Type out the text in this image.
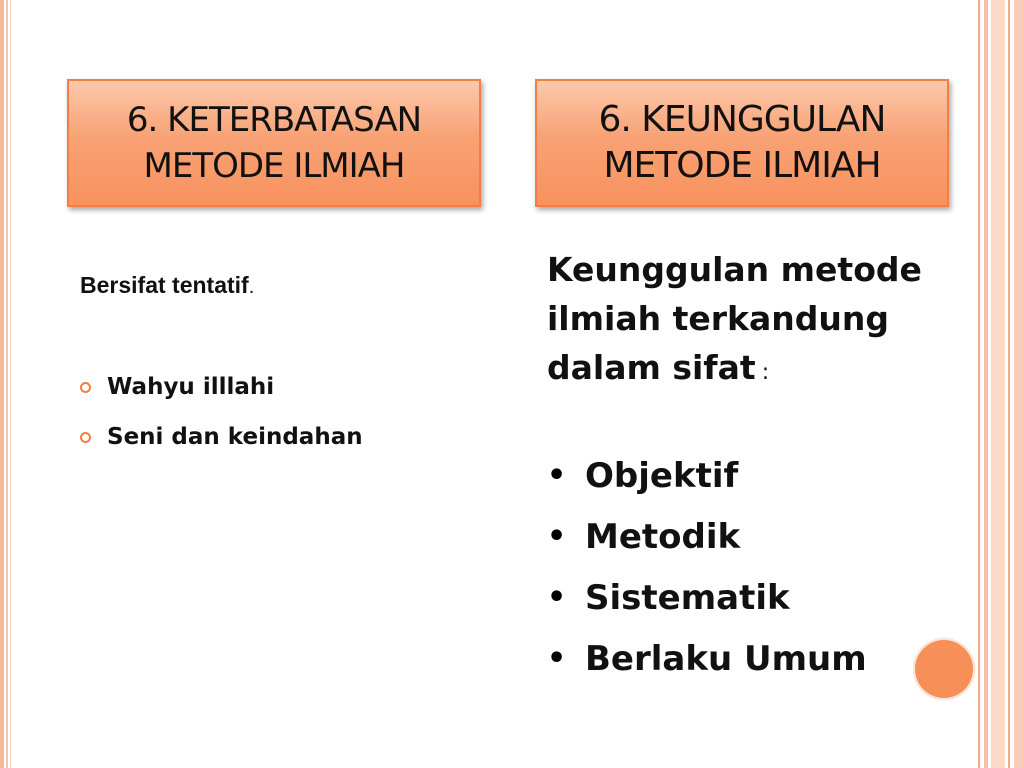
6. KETERBATASAN
METODE ILMIAH
6. KEUNGGULAN
METODE ILMIAH
Bersifat tentatif.
Wahyu illlahi
Seni dan keindahan
Keunggulan metode ilmiah terkandung dalam sifat :
• Objektif
• Metodik
• Sistematik
• Berlaku Umum
